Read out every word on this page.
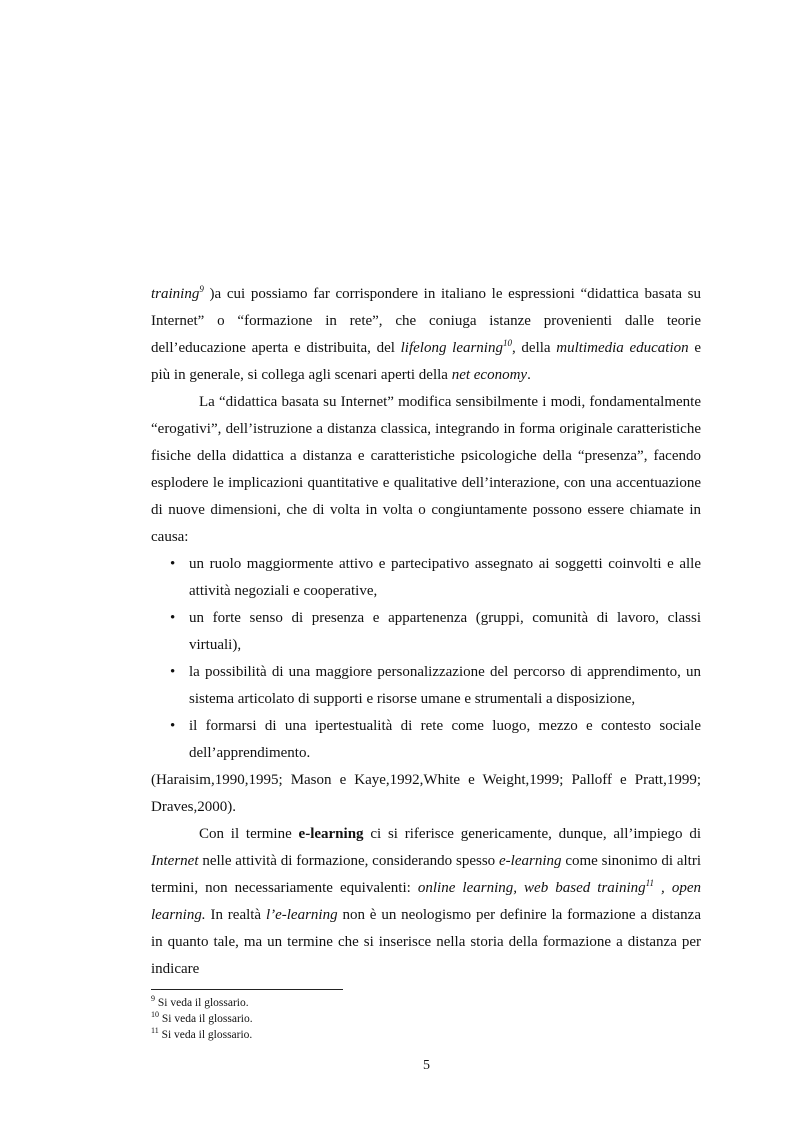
training$^9$ )a cui possiamo far corrispondere in italiano le espressioni “didattica basata su Internet” o “formazione in rete”, che coniuga istanze provenienti dalle teorie dell’educazione aperta e distribuita, del lifelong learning$^{10}$, della multimedia education e più in generale, si collega agli scenari aperti della net economy.

La “didattica basata su Internet” modifica sensibilmente i modi, fondamentalmente “erogativi”, dell’istruzione a distanza classica, integrando in forma originale caratteristiche fisiche della didattica a distanza e caratteristiche psicologiche della “presenza”, facendo esplodere le implicazioni quantitative e qualitative dell’interazione, con una accentuazione di nuove dimensioni, che di volta in volta o congiuntamente possono essere chiamate in causa:

• un ruolo maggiormente attivo e partecipativo assegnato ai soggetti coinvolti e alle attività negoziali e cooperative,
• un forte senso di presenza e appartenenza (gruppi, comunità di lavoro, classi virtuali),
• la possibilità di una maggiore personalizzazione del percorso di apprendimento, un sistema articolato di supporti e risorse umane e strumentali a disposizione,
• il formarsi di una ipertestualità di rete come luogo, mezzo e contesto sociale dell’apprendimento.

(Haraisim,1990,1995; Mason e Kaye,1992,White e Weight,1999; Palloff e Pratt,1999; Draves,2000).

Con il termine e-learning ci si riferisce genericamente, dunque, all’impiego di Internet nelle attività di formazione, considerando spesso e-learning come sinonimo di altri termini, non necessariamente equivalenti: online learning, web based training$^{11}$ , open learning. In realtà l’e-learning non è un neologismo per definire la formazione a distanza in quanto tale, ma un termine che si inserisce nella storia della formazione a distanza per indicare

$^9$ Si veda il glossario.
$^{10}$ Si veda il glossario.
$^{11}$ Si veda il glossario.
5
